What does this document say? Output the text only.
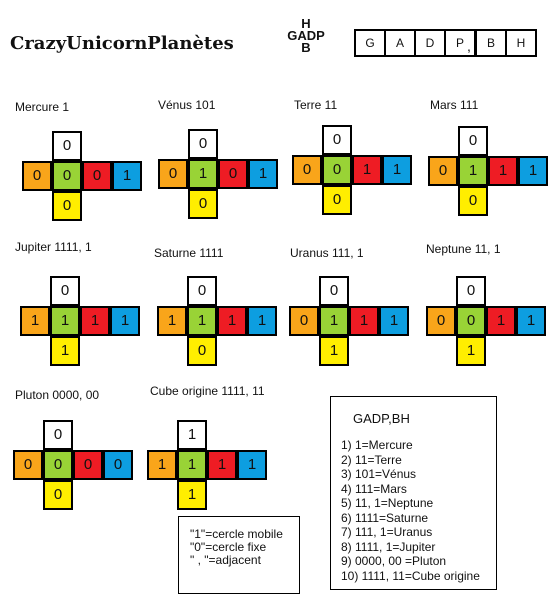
CrazyUnicornPlanètes
H
GADP
B	G	A	D	P ,	B	H
Mercure 1
0
0	0	0	1
0
Vénus 101
0
0	1	0	1
0
Terre 11
0
0	0	1	1
0
Mars 111
0
0	1	1	1
0
Jupiter 1111, 1
0
1	1	1	1
1
Saturne 1111
0
1	1	1	1
0
Uranus 111, 1
0
0	1	1	1
1
Neptune 11, 1
0
0	0	1	1
1
Pluton 0000, 00
0
0	0	0	0
0
Cube origine 1111, 11
1
1	1	1	1
1
GADP,BH
1) 1=Mercure
2) 11=Terre
3) 101=Vénus
4) 111=Mars
5) 11, 1=Neptune
6) 1111=Saturne
7) 111, 1=Uranus
8) 1111, 1=Jupiter
9) 0000, 00 =Pluton
10) 1111, 11=Cube origine
"1"=cercle mobile
"0"=cercle fixe
" , "=adjacent
